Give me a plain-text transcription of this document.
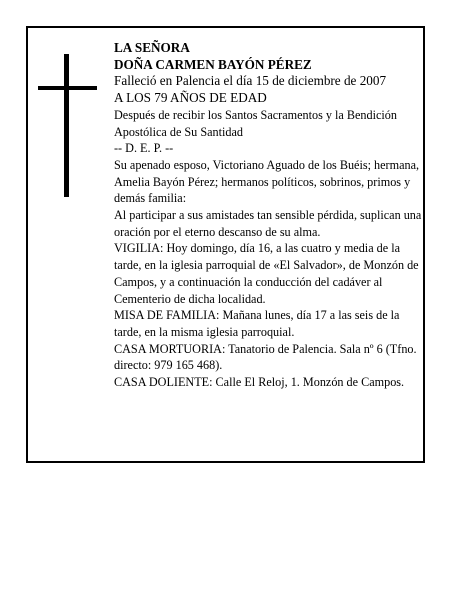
LA SEÑORA

DOÑA CARMEN BAYÓN PÉREZ

Falleció en Palencia el día 15 de diciembre de 2007

A LOS 79 AÑOS DE EDAD

Después de recibir los Santos Sacramentos y la Bendición Apostólica de Su Santidad

-- D. E. P. --

Su apenado esposo, Victoriano Aguado de los Buéis; hermana, Amelia Bayón Pérez; hermanos políticos, sobrinos, primos y demás familia:

Al participar a sus amistades tan sensible pérdida, suplican una oración por el eterno descanso de su alma.

VIGILIA: Hoy domingo, día 16, a las cuatro y media de la tarde, en la iglesia parroquial de «El Salvador», de Monzón de Campos, y a continuación la conducción del cadáver al Cementerio de dicha localidad.

MISA DE FAMILIA: Mañana lunes, día 17 a las seis de la tarde, en la misma iglesia parroquial.

CASA MORTUORIA: Tanatorio de Palencia. Sala nº 6 (Tfno. directo: 979 165 468).

CASA DOLIENTE: Calle El Reloj, 1. Monzón de Campos.
